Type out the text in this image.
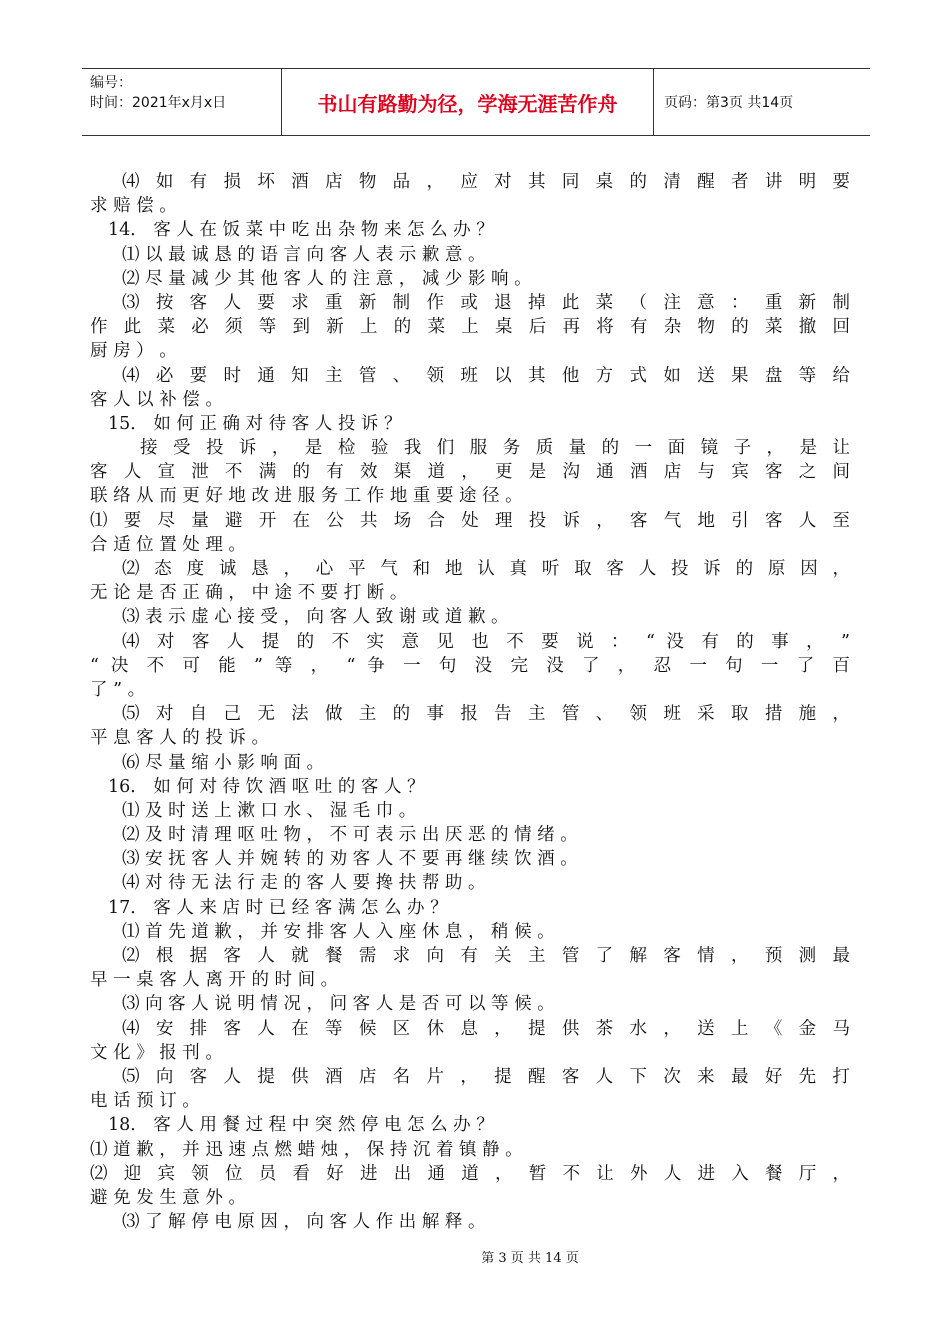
编号：
时间：2021年x月x日	书山有路勤为径，学海无涯苦作舟	页码：第3页 共14页
⑷ 如 有 损 坏 酒 店 物 品 ， 应 对 其 同 桌 的 清 醒 者 讲 明 要
求 赔 偿 。
14． 客 人 在 饭 菜 中 吃 出 杂 物 来 怎 么 办 ？
⑴ 以 最 诚 恳 的 语 言 向 客 人 表 示 歉 意 。
⑵ 尽 量 减 少 其 他 客 人 的 注 意 ， 减 少 影 响 。
⑶ 按 客 人 要 求 重 新 制 作 或 退 掉 此 菜 （ 注 意 ： 重 新 制
作 此 菜 必 须 等 到 新 上 的 菜 上 桌 后 再 将 有 杂 物 的 菜 撤 回
厨 房 ） 。
⑷ 必 要 时 通 知 主 管 、 领 班 以 其 他 方 式 如 送 果 盘 等 给
客 人 以 补 偿 。
15． 如 何 正 确 对 待 客 人 投 诉 ？
接 受 投 诉 ， 是 检 验 我 们 服 务 质 量 的 一 面 镜 子 ， 是 让
客 人 宣 泄 不 满 的 有 效 渠 道 ， 更 是 沟 通 酒 店 与 宾 客 之 间
联 络 从 而 更 好 地 改 进 服 务 工 作 地 重 要 途 径 。
⑴ 要 尽 量 避 开 在 公 共 场 合 处 理 投 诉 ， 客 气 地 引 客 人 至
合 适 位 置 处 理 。
⑵ 态 度 诚 恳 ， 心 平 气 和 地 认 真 听 取 客 人 投 诉 的 原 因 ，
无 论 是 否 正 确 ， 中 途 不 要 打 断 。
⑶ 表 示 虚 心 接 受 ， 向 客 人 致 谢 或 道 歉 。
⑷ 对 客 人 提 的 不 实 意 见 也 不 要 说 ： “ 没 有 的 事 ， ”
“ 决 不 可 能 ” 等 ， “ 争 一 句 没 完 没 了 ， 忍 一 句 一 了 百
了 ” 。
⑸ 对 自 己 无 法 做 主 的 事 报 告 主 管 、 领 班 采 取 措 施 ，
平 息 客 人 的 投 诉 。
⑹ 尽 量 缩 小 影 响 面 。
16． 如 何 对 待 饮 酒 呕 吐 的 客 人 ？
⑴ 及 时 送 上 漱 口 水 、 湿 毛 巾 。
⑵ 及 时 清 理 呕 吐 物 ， 不 可 表 示 出 厌 恶 的 情 绪 。
⑶ 安 抚 客 人 并 婉 转 的 劝 客 人 不 要 再 继 续 饮 酒 。
⑷ 对 待 无 法 行 走 的 客 人 要 搀 扶 帮 助 。
17． 客 人 来 店 时 已 经 客 满 怎 么 办 ？
⑴ 首 先 道 歉 ， 并 安 排 客 人 入 座 休 息 ， 稍 候 。
⑵ 根 据 客 人 就 餐 需 求 向 有 关 主 管 了 解 客 情 ， 预 测 最
早 一 桌 客 人 离 开 的 时 间 。
⑶ 向 客 人 说 明 情 况 ， 问 客 人 是 否 可 以 等 候 。
⑷ 安 排 客 人 在 等 候 区 休 息 ， 提 供 茶 水 ， 送 上 《 金 马
文 化 》 报 刊 。
⑸ 向 客 人 提 供 酒 店 名 片 ， 提 醒 客 人 下 次 来 最 好 先 打
电 话 预 订 。
18． 客 人 用 餐 过 程 中 突 然 停 电 怎 么 办 ？
⑴ 道 歉 ， 并 迅 速 点 燃 蜡 烛 ， 保 持 沉 着 镇 静 。
⑵ 迎 宾 领 位 员 看 好 进 出 通 道 ， 暂 不 让 外 人 进 入 餐 厅 ，
避 免 发 生 意 外 。
⑶ 了 解 停 电 原 因 ， 向 客 人 作 出 解 释 。
第 3 页 共 14 页
